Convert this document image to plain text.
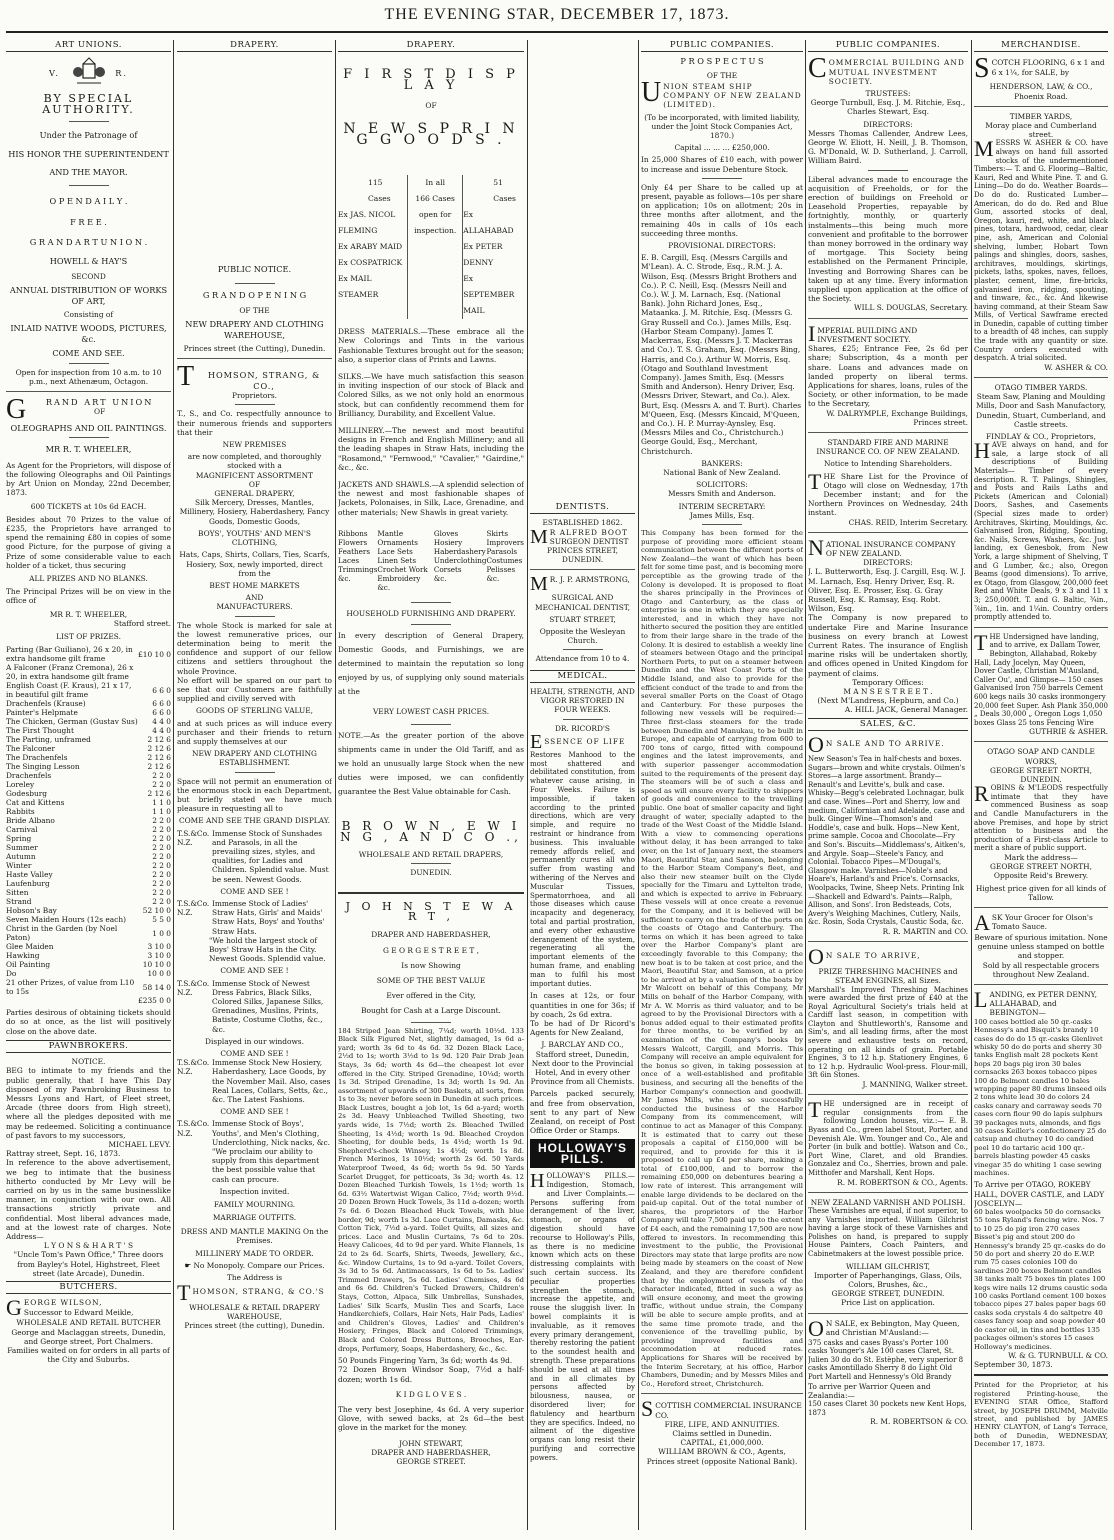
THE EVENING STAR, DECEMBER 17, 1873.
ART UNIONS.
V.            R.
BY SPECIAL AUTHORITY.
Under the Patronage of
HIS HONOR THE SUPERINTENDENT
AND THE MAYOR.
O P E N D A I L Y .
F R E E .
G R A N D A R T U N I O N .
HOWELL & HAY'S
SECOND
ANNUAL DISTRIBUTION OF WORKS OF ART,
Consisting of
INLAID NATIVE WOODS, PICTURES, &c.
COME AND SEE.
Open for inspection from 10 a.m. to 10 p.m., next Athenæum, Octagon.
G	RAND ART UNION
OF
OLEOGRAPHS AND OIL PAINTINGS.
MR R. T. WHEELER,
As Agent for the Proprietors, will dispose of the following Oleographs and Oil Paintings by Art Union on Monday, 22nd December, 1873.
600 TICKETS at 10s 6d EACH.
Besides about 70 Prizes to the value of £235, the Proprietors have arranged to spend the remaining £80 in copies of some good Picture, for the purpose of giving a Prize of some considerable value to each holder of a ticket, thus securing
ALL PRIZES AND NO BLANKS.
The Principal Prizes will be on view in the office of
MR R. T. WHEELER,
Stafford street.
LIST OF PRIZES.
Parting (Bar Guiliano), 26 x 20, in extra handsome gilt frame	£10 10 0
A Falconer (Franz Cremona), 26 x 20, in extra handsome gilt frame	
English Coast (F. Kraus), 21 x 17, in beautiful gilt frame	6 6 0
Drachenfels (Krause)	6 6 0
Painter's Helpmate	6 6 0
The Chicken, German (Gustav Sus)	4 4 0
The First Thought	4 4 0
The Parting, unframed	2 12 6
The Falconer	2 12 6
The Drachenfels	2 12 6
The Singing Lesson	2 12 6
Drachenfels	2 2 0
Loreley	2 2 0
Godesburg	2 12 6
Cat and Kittens	1 1 0
Rabbits	1 1 0
Bride Albano	2 2 0
Carnival	2 2 0
Spring	2 2 0
Summer	2 2 0
Autumn	2 2 0
Winter	2 2 0
Haste Valley	2 2 0
Laufenburg	2 2 0
Sitten	2 2 0
Strand	2 2 0
Hobson's Bay	52 10 0
Seven Maiden Hours (12s each)	5 5 0
Christ in the Garden (by Noel Paton)	1 0 0
Glee Maiden	3 10 0
Hawking	3 10 0
Oil Painting	10 10 0
Do	10 0 0
21 other Prizes, of value from L10 to 15s	58 14 0
	£235 0 0
Parties desirous of obtaining tickets should do so at once, as the list will positively close on the above date.
PAWNBROKERS.
NOTICE.
BEG to intimate to my friends and the public generally, that I have This Day disposed of my Pawnbroking Business to Messrs Lyons and Hart, of Fleet street, Arcade (three doors from High street), where all the pledges deposited with me may be redeemed. Soliciting a continuance of past favors to my successors,
MICHAEL LEVY.
Rattray street, Sept. 16, 1873.
In reference to the above advertisement, we beg to intimate that the business hitherto conducted by Mr Levy will be carried on by us in the same businesslike manner, in conjunction with our own. All transactions strictly private and confidential. Most liberal advances made, and at the lowest rate of charges. Note Address—
L Y O N S & H A R T ' S
"Uncle Tom's Pawn Office," Three doors from Bayley's Hotel, Highstreet, Fleet street (late Arcade), Dunedin.
BUTCHERS.
G EORGE WILSON,
Successor to Edward Meikle,
WHOLESALE AND RETAIL BUTCHER
George and Maclaggan streets, Dunedin, and George street, Port Chalmers.
Families waited on for orders in all parts of the City and Suburbs.
DRAPERY.
PUBLIC NOTICE.
G R A N D O P E N I N G
OF THE
NEW DRAPERY AND CLOTHING WAREHOUSE,
Princes street (the Cutting), Dunedin.
T	HOMSON, STRANG, & CO.,
Proprietors.
T., S., and Co. respectfully announce to their numerous friends and supporters that their
NEW PREMISES
are now completed, and thoroughly stocked with a
MAGNIFICENT ASSORTMENT
OF
GENERAL DRAPERY,
Silk Mercery, Dresses, Mantles, Millinery, Hosiery, Haberdashery, Fancy Goods, Domestic Goods,
BOYS', YOUTHS' AND MEN'S CLOTHING,
Hats, Caps, Shirts, Collars, Ties, Scarfs, Hosiery, Sox, newly imported, direct from the
BEST HOME MARKETS
AND
MANUFACTURERS.
The whole Stock is marked for sale at the lowest remunerative prices, our determination being to merit the confidence and support of our fellow citizens and settlers throughout the whole Province.
No effort will be spared on our part to see that our Customers are faithfully supplied and civilly served with
GOODS OF STERLING VALUE,
and at such prices as will induce every purchaser and their friends to return and supply themselves at our
NEW DRAPERY AND CLOTHING ESTABLISHMENT.
Space will not permit an enumeration of the enormous stock in each Department, but briefly stated we have much pleasure in requesting all to
COME AND SEE THE GRAND DISPLAY.
T.S.&Co. N.Z.
Immense Stock of Sunshades and Parasols, in all the prevailing sizes, styles, and qualities, for Ladies and Children. Splendid value. Must be seen. Newest Goods.
COME AND SEE !
T.S.&Co. N.Z.
Immense Stock of Ladies' Straw Hats, Girls' and Maids' Straw Hats, Boys' and Youths' Straw Hats.
"We hold the largest stock of Boys' Straw Hats in the City. Newest Goods. Splendid value.
COME AND SEE !
T.S.&Co. N.Z.
Immense Stock of Newest Dress Fabrics, Black Silks, Colored Silks, Japanese Silks, Grenadines, Muslins, Prints, Batiste, Costume Cloths, &c., &c.
Displayed in our windows.
COME AND SEE !
T.S.&Co. N.Z.
Immense Stock New Hosiery, Haberdashery, Lace Goods, by the November Mail. Also, cases Real Laces, Collars, Setts, &c., &c. The Latest Fashions.
COME AND SEE !
T.S.&Co. N.Z.
Immense Stock of Boys', Youths', and Men's Clothing, Underclothing, Nick nacks, &c. "We proclaim our ability to supply from this department the best possible value that cash can procure.
Inspection invited.
FAMILY MOURNING.
MARRIAGE OUTFITS.
DRESS AND MANTLE MAKING On the Premises.
MILLINERY MADE TO ORDER.
☛ No Monopoly. Compare our Prices.
The Address is
T HOMSON, STRANG, & CO.'S
WHOLESALE & RETAIL DRAPERY WAREHOUSE,
Princes street (the cutting), Dunedin.
DRAPERY.
F I R S T D I S P L A Y
OF
N E W S P R I N G G O O D S .
115 Cases
Ex JAS. NICOL FLEMING
Ex ARABY MAID
Ex COSPATRICK
Ex MAIL STEAMER
In all
166 Cases
open for
inspection.
51 Cases
Ex ALLAHABAD
Ex PETER DENNY
Ex SEPTEMBER MAIL
DRESS MATERIALS.—These embrace all the New Colorings and Tints in the various Fashionable Textures brought out for the season; also, a superior class of Prints and Lawns.
SILKS.—We have much satisfaction this season in inviting inspection of our stock of Black and Colored Silks, as we not only hold an enormous stock, but can confidently recommend them for Brilliancy, Durability, and Excellent Value.
MILLINERY.—The newest and most beautiful designs in French and English Millinery; and all the leading shapes in Straw Hats, including the "Rosamond," "Fernwood," "Cavalier," "Gairdine," &c., &c.
JACKETS AND SHAWLS.—A splendid selection of the newest and most fashionable shapes of Jackets, Polonaises, in Silk, Lace, Grenadine, and other materials; New Shawls in great variety.
Ribbons
Flowers
Feathers
Laces
Trimmings
&c.
Mantle Ornaments
Lace Sets
Linen Sets
Crochet Work
Embroidery
&c.
Gloves
Hosiery
Haberdashery
Underclothing
Corsets
&c.
Skirts
Improvers
Parasols
Costumes
Pelisses
&c.
HOUSEHOLD FURNISHING AND DRAPERY.
In every description of General Drapery, Domestic Goods, and Furnishings, we are determined to maintain the reputation so long enjoyed by us, of supplying only sound materials at the
VERY LOWEST CASH PRICES.
NOTE.—As the greater portion of the above shipments came in under the Old Tariff, and as we hold an unusually large Stock when the new duties were imposed, we can confidently guarantee the Best Value obtainable for Cash.
B R O W N , E W I N G , A N D C O .,
WHOLESALE AND RETAIL DRAPERS,
DUNEDIN.
J O H N S T E W A R T ,
DRAPER AND HABERDASHER,
G E O R G E S T R E E T ,
Is now Showing
SOME OF THE BEST VALUE
Ever offered in the City,
Bought for Cash at a Large Discount.
184 Striped Jean Shirting, 7¼d; worth 10½d. 133 Black Silk Figured Net, slightly damaged, 1s 6d a-yard; worth 3s 6d to 4s 6d. 32 Dozen Black Lace, 2½d to 1s; worth 3½d to 1s 9d. 120 Pair Drab Jean Stays, 3s 6d; worth 4s 6d—the cheapest lot ever offered in the City. Striped Grenadine, 10¼d; worth 1s 3d. Striped Grenadine, 1s 3d; worth 1s 9d. An assortment of upwards of 300 Baskets, all sorts, from 1s to 3s; never before seen in Dunedin at such prices. Black Lustres, bought a job lot, 1s 6d a-yard; worth 2s 3d. Heavy Unbleached Twilled Sheeting, two yards wide, 1s 7½d; worth 2s. Bleached Twilled Sheeting, 1s 4½d; worth 1s 9d. Bleached Croydon Sheeting, for double beds, 1s 4½d; worth 1s 9d. Shepherd's-check Winsey, 1s 4½d; worth 1s 8d. French Merinos, 1s 10½d; worth 2s 6d. 50 Yards Waterproof Tweed, 4s 6d; worth 5s 9d. 50 Yards Scarlet Drugget, for petticoats, 3s 3d; worth 4s. 12 Dozen Bleached Turkish Towels, 1s 1½d; worth 1s 6d. 63½ Watertwist Wigan Calico, 7½d; worth 9½d. 20 Dozen Brown Huck Towels, 3s 11d a-dozen; worth 7s 6d. 6 Dozen Bleached Huck Towels, with blue border, 9d; worth 1s 3d. Lace Curtains, Damasks, &c. Cotton Tick, 7½d a-yard. Toilet Quilts, all sizes and prices. Lace and Muslin Curtains, 7s 6d to 20s. Heavy Calicoes, 4d to 9d per yard. White Flannels, 1s 2d to 2s 6d. Scarfs, Shirts, Tweeds, Jewellery, &c., &c. Window Curtains, 1s to 9d a-yard. Toilet Covers, 3s 3d to 5s 6d. Antimacassars, 1s 6d to 5s. Ladies' Trimmed Drawers, 5s 6d. Ladies' Chemises, 4s 6d and 6s 6d. Children's Tucked Drawers, Children's Stays, Cotton, Alpaca, Silk Umbrellas, Sunshades, Ladies' Silk Scarfs, Muslin Ties and Scarfs, Lace Handkerchiefs, Collars, Hair Nets, Hair Pads, Ladies' and Children's Gloves, Ladies' and Children's Hosiery, Fringes, Black and Colored Trimmings, Black and Colored Dress Buttons, Brooches, Ear-drops, Perfumery, Soaps, Haberdashery, &c., &c.
50 Pounds Fingering Yarn, 3s 6d; worth 4s 9d.
72 Dozen Brown Windsor Soap, 7½d a half-dozen; worth 1s 6d.
K I D G L O V E S .
The very best Josephine, 4s 6d. A very superior Glove, with sewed backs, at 2s 6d—the best glove in the market for the money.
JOHN STEWART,
DRAPER AND HABERDASHER,
GEORGE STREET.
DENTISTS.
ESTABLISHED 1862.
M R ALFRED BOOT
SURGEON DENTIST
PRINCES STREET, DUNEDIN.
M R. J. P. ARMSTRONG,
SURGICAL AND MECHANICAL DENTIST,
STUART STREET,
Opposite the Wesleyan Church.
Attendance from 10 to 4.
MEDICAL.
HEALTH, STRENGTH, AND VIGOR RESTORED IN FOUR WEEKS.
DR. RICORD'S
E SSENCE OF LIFE
Restores Manhood to the most shattered and debilitated constitution, from whatever cause arising, in Four Weeks. Failure is impossible, if taken according to the printed directions, which are very simple, and require no restraint or hindrance from business. This invaluable remedy affords relief, and permanently cures all who suffer from wasting and withering of the Nerves and Muscular Tissues, Spermatorrhoea, and all those diseases which cause incapacity and degeneracy, total and partial prostration, and every other exhaustive derangement of the system, regenerating all the important elements of the human frame, and enabling man to fulfil his most important duties.
In cases at 12s, or four quantities in one for 36s; if by coach, 2s 6d extra.
To be had of Dr Ricord's Agents for New Zealand,
J. BARCLAY AND CO.,
Stafford street, Dunedin,
Next door to the Provincial Hotel, And in every other Province from all Chemists.
Parcels packed securely, and free from observation, sent to any part of New Zealand, on receipt of Post Office Order or Stamps.
HOLLOWAY'S PILLS.
H OLLOWAY'S PILLS.—Indigestion, Stomach, and Liver Complaints.—Persons suffering from derangement of the liver, stomach, or organs of digestion should have recourse to Holloway's Pills, as there is no medicine known which acts on these distressing complaints with such certain success. Its peculiar properties strengthen the stomach, increase the appetite, and rouse the sluggish liver. In bowel complaints it is invaluable, as it removes every primary derangement, thereby restoring the patient to the soundest health and strength. These preparations should be used at all times and in all climates by persons affected by bilousness, nausea, or disordered liver; for flatulency and heartburn they are specifics. Indeed, no ailment of the digestive organs can long resist their purifying and corrective powers.
PUBLIC COMPANIES.
P R O S P E C T U S
OF THE
U NION STEAM SHIP COMPANY OF NEW ZEALAND (LIMITED).
(To be incorporated, with limited liability, under the Joint Stock Companies Act, 1870.)
Capital ... ... ... £250,000.
In 25,000 Shares of £10 each, with power to increase and issue Debenture Stock.
Only £4 per Share to be called up at present, payable as follows—10s per share on application; 10s on allotment; 20s in three months after allotment, and the remaining 40s in calls of 10s each succeeding three months.
PROVISIONAL DIRECTORS:
E. B. Cargill, Esq. (Messrs Cargills and M'Lean). A. C. Strode, Esq., R.M. J. A. Wilson, Esq. (Messrs Bright Brothers and Co.). P. C. Neill, Esq. (Messrs Neill and Co.). W. J. M. Larnach, Esq. (National Bank). John Richard Jones, Esq., Mataanka. J. M. Ritchie, Esq. (Messrs G. Gray Russell and Co.). James Mills, Esq. (Harbor Steam Company). James T. Mackerras, Esq. (Messrs J. T. Mackerras and Co.). T. S. Graham, Esq. (Messrs Bing, Harris, and Co.). Arthur W. Morris, Esq. (Otago and Southland Investment Company). James Smith, Esq. (Messrs Smith and Anderson). Henry Driver, Esq. (Messrs Driver, Stewart, and Co.). Alex. Burt, Esq. (Messrs A. and T. Burt). Charles M'Queen, Esq. (Messrs Kincaid, M'Queen, and Co.). H. P. Murray-Aynsley, Esq. (Messrs Miles and Co., Christchurch.) George Gould, Esq., Merchant, Christchurch.
BANKERS:
National Bank of New Zealand.
SOLICITORS:
Messrs Smith and Anderson.
INTERIM SECRETARY:
James Mills, Esq.
This Company has been formed for the purpose of providing more efficient steam communication between the different ports of New Zealand—the want of which has been felt for some time past, and is becoming more perceptible as the growing trade of the Colony is developed. It is proposed to float the shares principally in the Provinces of Otago and Canterbury, as the class of enterprise is one in which they are specially interested, and in which they have not hitherto secured the position they are entitled to from their large share in the trade of the Colony. It is desired to establish a weekly line of steamers between Otago and the principal Northern Ports, to put on a steamer between Dunedin and the West Coast Ports of the Middle Island, and also to provide for the efficient conduct of the trade to and from the several smaller Ports on the Coast of Otago and Canterbury. For these purposes the following new vessels will be required:— Three first-class steamers for the trade between Dunedin and Manukau, to be built in Europe, and capable of carrying from 600 to 700 tons of cargo, fitted with compound engines and the latest improvements, and with superior passenger accommodation suited to the requirements of the present day. The steamers will be of such a class and speed as will ensure every facility to shippers of goods and convenience to the travelling public. One boat of smaller capacity and light draught of water, specially adapted to the trade of the West Coast of the Middle Island. With a view to commencing operations without delay, it has been arranged to take over, on the 1st of January next, the steamers Maori, Beautiful Star, and Samson, belonging to the Harbor Steam Company's fleet, and also their new steamer built on the Clyde specially for the Timaru and Lyttelton trade, and which is expected to arrive in February. These vessels will at once create a revenue for the Company, and it is believed will be sufficient to carry on the trade of the ports on the coasts of Otago and Canterbury. The terms on which it has been agreed to take over the Harbor Company's plant are exceedingly favorable to this Company; the new boat is to be taken at cost price, and the Maori, Beautiful Star, and Samson, at a price to be arrived at by a valuation of the boats by Mr Walcott on behalf of this Company, Mr Mills on behalf of the Harbor Company, with Mr A. W. Morris as third valuator, and to be agreed to by the Provisional Directors with a bonus added equal to their estimated profits for three months, to be verified by an examination of the Company's books by Messrs Walcott, Cargill, and Morris. This Company will receive an ample equivalent for the bonus so given, in taking possession at once of a well-established and profitable business, and securing all the benefits of the Harbor Company's connection and goodwill. Mr James Mills, who has so successfully conducted the business of the Harbor Company from its commencement, will continue to act as Manager of this Company. It is estimated that to carry out these proposals a capital of £150,000 will be required, and to provide for this it is proposed to call up £4 per share, making a total of £100,000, and to borrow the remaining £50,000 on debentures bearing a low rate of interest. This arrangement will enable large dividends to be declared on the paid-up capital. Out of the total number of shares, the proprietors of the Harbor Company will take 7,500 paid up to the extent of £4 each, and the remaining 17,500 are now offered to investors. In recommending this investment to the public, the Provisional Directors may state that large profits are now being made by steamers on the coast of New Zealand, and they are therefore confident that by the employment of vessels of the character indicated, fitted in such a way as will ensure economy, and meet the growing traffic, without undue strain, the Company will be able to secure ample profits, and at the same time promote trade, and the convenience of the travelling public, by providing improved facilities and accommodation at reduced rates. Applications for Shares will be received by the Interim Secretary, at his office, Harbor Chambers, Dunedin; and by Messrs Miles and Co., Hereford street, Christchurch.
S COTTISH COMMERCIAL INSURANCE CO.
FIRE, LIFE, AND ANNUITIES.
Claims settled in Dunedin.
CAPITAL, £1,000,000.
WILLIAM BROWN & CO., Agents,
Princes street (opposite National Bank).
PUBLIC COMPANIES.
C OMMERCIAL BUILDING AND MUTUAL INVESTMENT SOCIETY.
TRUSTEES:
George Turnbull, Esq. J. M. Ritchie, Esq., Charles Stewart, Esq.
DIRECTORS:
Messrs Thomas Callender, Andrew Lees, George W. Eliott, H. Neill, J. B. Thomson, G. M'Donald, W. D. Sutherland, J. Carroll, William Baird.
Liberal advances made to encourage the acquisition of Freeholds, or for the erection of buildings on Freehold or Leasehold Properties, repayable by fortnightly, monthly, or quarterly instalments—this being much more convenient and profitable to the borrower than money borrowed in the ordinary way of mortgage. This Society being established on the Permanent Principle, Investing and Borrowing Shares can be taken up at any time. Every information supplied upon application at the office of the Society.
WILL S. DOUGLAS, Secretary.
I MPERIAL BUILDING AND INVESTMENT SOCIETY.
Shares, £25; Entrance Fee, 2s 6d per share; Subscription, 4s a month per share. Loans and advances made on landed property on liberal terms. Applications for shares, loans, rules of the Society, or other information, to be made to the Secretary,
W. DALRYMPLE, Exchange Buildings, Princes street.
STANDARD FIRE AND MARINE INSURANCE CO. OF NEW ZEALAND.
Notice to Intending Shareholders.
T HE Share List for the Province of Otago will close on Wednesday, 17th December instant; and for the Northern Provinces on Wednesday, 24th instant.
CHAS. REID, Interim Secretary.
N ATIONAL INSURANCE COMPANY OF NEW ZEALAND.
DIRECTORS:
J. L. Butterworth, Esq. J. Cargill, Esq. W. J. M. Larnach, Esq. Henry Driver, Esq. R. Oliver, Esq. E. Prosser, Esq. G. Gray Russell, Esq. K. Ramsay, Esq. Robt. Wilson, Esq.
The Company is now prepared to undertake Fire and Marine Insurance business on every branch at Lowest Current Rates. The insurance of English marine risks will be undertaken shortly, and offices opened in United Kingdom for payment of claims.
Temporary Offices:
M A N S E S T R E E T .
(Next M'Landress, Hepburn, and Co.)
A. HILL JACK, General Manager.
SALES, &C.
O N SALE AND TO ARRIVE.
New Season's Tea in half-chests and boxes. Sugars—brown and white crystals. Oilmen's Stores—a large assortment. Brandy—Renault's and Levitte's, bulk and case. Whisky—Begg's celebrated Lochnagar, bulk and case. Wines—Port and Sherry, low and medium, Californian and Adelaide, case and bulk. Ginger Wine—Thomson's and Hoddle's, case and bulk. Hops—New Kent, prime sample. Cocoa and Chocolate—Fry and Son's. Biscuits—Middlemass's, Aitken's, and Argyle. Soap—Steele's Fancy, and Colonial. Tobacco Pipes—M'Dougal's, Glasgow make. Varnishes—Noble's and Hoare's, Harland's and Price's. Cornsacks, Woolpacks, Twine, Sheep Nets. Printing Ink—Shackell and Edward's. Paints—Ralph, Allison, and Sons'. Iron Bedsteads, Cots, Avery's Weighing Machines, Cutlery, Nails, &c. Rosin, Soda Crystals, Caustic Soda, &c.
R. R. MARTIN and CO.
O N SALE TO ARRIVE,
PRIZE THRESHING MACHINES and STEAM ENGINES, all Sizes.
Marshall's Improved Threshing Machines were awarded the first prize of £40 at the Royal Agricultural Society's trials held at Cardiff last season, in competition with Clayton and Shuttleworth's, Ransome and Sim's, and all leading firms, after the most severe and exhaustive tests on record, operating on all kinds of grain. Portable Engines, 3 to 12 h.p. Stationery Engines, 6 to 12 h.p. Hydraulic Wool-press. Flour-mill, 3ft 6in Stones.
J. MANNING, Walker street.
T HE undersigned are in receipt of regular consignments from the following London houses, viz.:— E. B. Byass and Co., green label Stout, Porter, and Devenish Ale. Wm. Younger and Co., Ale and Porter (in bulk and bottle). Watson and Co., Port Wine, Claret, and old Brandies. Gonzalez and Co., Sherries, brown and pale. Mitthofer and Marshall, Kent Hops.
R. M. ROBERTSON & CO., Agents.
NEW ZEALAND VARNISH AND POLISH.
These Varnishes are equal, if not superior, to any Varnishes imported. William Gilchrist having a large stock of these Varnishes and Polishes on hand, is prepared to supply House Painters, Coach Painters, and Cabinetmakers at the lowest possible price.
WILLIAM GILCHRIST,
Importer of Paperhangings, Glass, Oils, Colors, Brushes, &c.,
GEORGE STREET, DUNEDIN.
Price List on application.
O N SALE, ex Bebington, May Queen, and Christian M'Ausland:—
375 casks and cases Byass's Porter 100 casks Younger's Ale 100 cases Claret, St. Julien 30 do do St. Estèphe, very superior 8 casks Amontillado Sherry 8 do Light Old Port Martell and Hennessy's Old Brandy
To arrive per Warrior Queen and Zealandia:—
150 cases Claret 30 pockets new Kent Hops, 1873
R. M. ROBERTSON & CO.
MERCHANDISE.
S COTCH FLOORING, 6 x 1 and 6 x 1¼, for SALE, by
HENDERSON, LAW, & CO., Phoenix Road.
TIMBER YARDS,
Moray place and Cumberland street.
M ESSRS W. ASHER & CO. have always on hand full assorted stocks of the undermentioned Timbers:— T. and G. Flooring—Baltic, Kauri, Red and White Pine. T. and G. Lining—Do do do. Weather Boards—Do do do. Rusticated Lumber—American, do do do. Red and Blue Gum, assorted stocks of deal, Oregon, kauri, red, white, and black pines, totara, hardwood, cedar, clear pine, ash, American and Colonial shelving, lumber, Hobart Town palings and shingles, doors, sashes, architraves, mouldings, skirtings, pickets, laths, spokes, naves, felloes, plaster, cement, lime, fire-bricks, galvanised iron, ridging, spouting, and tinware, &c., &c. And likewise having command, at their Steam Saw Mills, of Vertical Sawframe erected in Dunedin, capable of cutting timber to a breadth of 48 inches, can supply the trade with any quantity or size. Country orders executed with despatch. A trial solicited.
W. ASHER & CO.
OTAGO TIMBER YARDS.
Steam Saw, Planing and Moulding Mills, Door and Sash Manufactory, Dunedin, Stuart, Cumberland, and Castle streets.
FINDLAY & CO., Proprietors,
H AVE always on hand, and for sale, a large stock of all descriptions of Building Materials— Timber of every description. R. T. Palings, Shingles, and Posts and Rails Laths and Pickets (American and Colonial) Doors, Sashes, and Casements (Special sizes made to order) Architraves, Skirting, Mouldings, &c. Galvanised Iron, Ridging, Spouting, &c. Nails, Screws, Washers, &c. Just landing, ex Genesbok, from New York, a large shipment of Shelving, T and G Lumber, &c.; also, Oregon Beams (good dimensions). To arrive, ex Otago, from Glasgow, 200,000 feet Red and White Deals, 9 x 3 and 11 x 3; 250,000ft. T. and G. Baltic, ¾in., ⅞in., 1in. and 1¼in. Country orders promptly attended to.
T HE Undersigned have landing, and to arrive, ex Dallam Tower, Bebington, Allahabad, Rokeby Hall, Lady Jocelyn, May Queen, Dover Castle, Christian M'Ausland, Caller Ou', and Glimpse— 150 cases Galvanised Iron 750 barrels Cement 600 kegs nails 30 casks ironmongery 20,000 feet Super. Ash Plank 350,000 „ Deals 30,000 „ Oregon Logs 1,050 boxes Glass 25 tons Fencing Wire
GUTHRIE & ASHER.
OTAGO SOAP AND CANDLE WORKS,
GEORGE STREET NORTH,
DUNEDIN.
R OBINS & M'LEODS respectfully intimate that they have commenced Business as soap and Candle Manufacturers in the above Premises, and hope by strict attention to business and the production of a First-class Article to merit a share of public support.
Mark the address—
GEORGE STREET NORTH,
Opposite Reid's Brewery.
Highest price given for all kinds of Tallow.
A SK Your Grocer for Olson's Tomato Sauce.
Beware of spurious imitation. None genuine unless stamped on bottle and stopper.
Sold by all respectable grocers throughout New Zealand.
L ANDING, ex PETER DENNY, ALLAHABAD, and BEBINGTON—
100 cases bottled ale 50 qr.-casks Hennessy's and Bisquit's brandy 10 cases do do do 15 qr.-casks Glenlivet whisky 50 do do ports and sherry 30 tanks English malt 28 pockets Kent hops 20 bags pig iron 30 bales cornsacks 263 boxes tobacco pipes 100 do Belmont candles 10 bales wrapping paper 80 drums linseed oils 2 tons white lead 30 do colors 24 casks canary and carraway seeds 70 cases corn flour 90 do lapis sulphurs 39 packages nuts, almonds, and figs 30 cases Keiller's confectionery 25 do catsup and chutney 10 do candied peel 10 do tartaric acid 100 qr.-barrels blasting powder 45 casks vinegar 35 do whiting 1 case sewing machines.
To Arrive per OTAGO, ROKEBY HALL, DOVER CASTLE, and LADY JOSCELYN—
60 bales woolpacks 50 do cornsacks 55 tons Ryland's fencing wire. Nos. 7 to 10 25 do pig iron 270 cases Bisset's pig and stout 200 do Hennessy's brandy 25 qr.-casks do do 50 do port and sherry 20 do E.W.P. rum 75 cases colonies 100 do sardines 200 boxes Belmont candles 38 tanks malt 75 boxes tin plates 100 kegs wire nails 12 drums caustic soda 100 casks Portland cement 100 boxes tobacco pipes 27 bales paper bags 60 casks soda crystals 4 do saltpetre 40 cases fancy soap and soap powder 40 do castor oil, in tins and bottles 135 packages oilmen's stores 15 cases Holloway's medicines.
W. & G. TURNBULL & CO.
September 30, 1873.
Printed for the Proprietor, at his registered Printing-house, the EVENING STAR Office, Stafford street, by JOSEPH DRUMM, Melville street, and published by JAMES HENRY CLAYTON, of Lang's Terrace, both of Dunedin, WEDNESDAY, December 17, 1873.
